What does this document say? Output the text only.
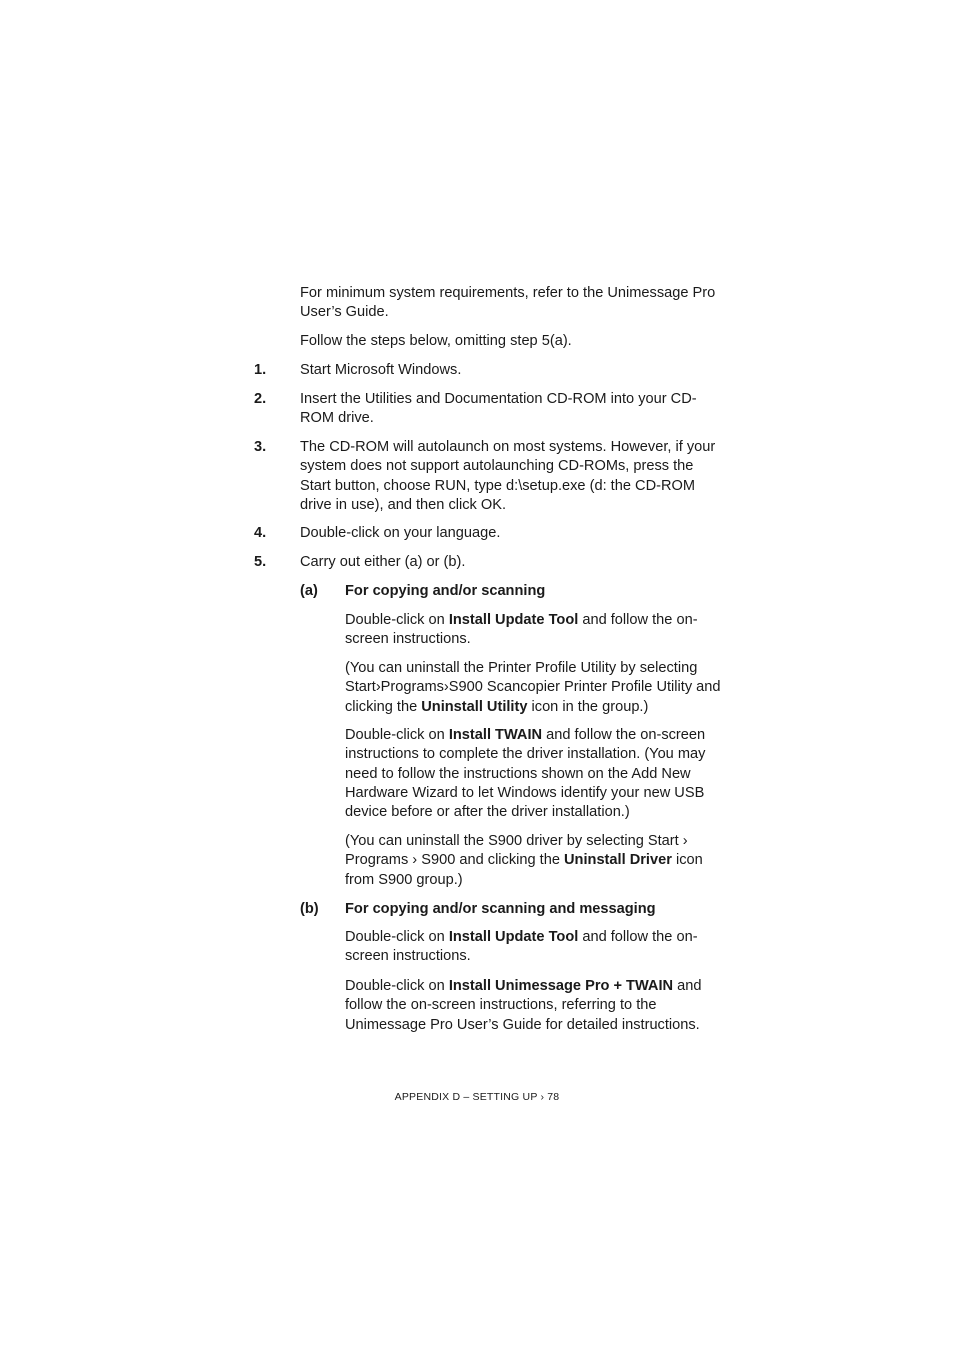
For minimum system requirements, refer to the Unimessage Pro User’s Guide.

Follow the steps below, omitting step 5(a).

1. Start Microsoft Windows.

2. Insert the Utilities and Documentation CD-ROM into your CD-ROM drive.

3. The CD-ROM will autolaunch on most systems. However, if your system does not support autolaunching CD-ROMs, press the Start button, choose RUN, type d:\setup.exe (d: the CD-ROM drive in use), and then click OK.

4. Double-click on your language.

5. Carry out either (a) or (b).

(a) For copying and/or scanning

Double-click on Install Update Tool and follow the on-screen instructions.

(You can uninstall the Printer Profile Utility by selecting Start›Programs›S900 Scancopier Printer Profile Utility and clicking the Uninstall Utility icon in the group.)

Double-click on Install TWAIN and follow the on-screen instructions to complete the driver installation. (You may need to follow the instructions shown on the Add New Hardware Wizard to let Windows identify your new USB device before or after the driver installation.)

(You can uninstall the S900 driver by selecting Start › Programs › S900 and clicking the Uninstall Driver icon from S900 group.)

(b) For copying and/or scanning and messaging

Double-click on Install Update Tool and follow the on-screen instructions.

Double-click on Install Unimessage Pro + TWAIN and follow the on-screen instructions, referring to the Unimessage Pro User’s Guide for detailed instructions.

APPENDIX D – SETTING UP › 78
